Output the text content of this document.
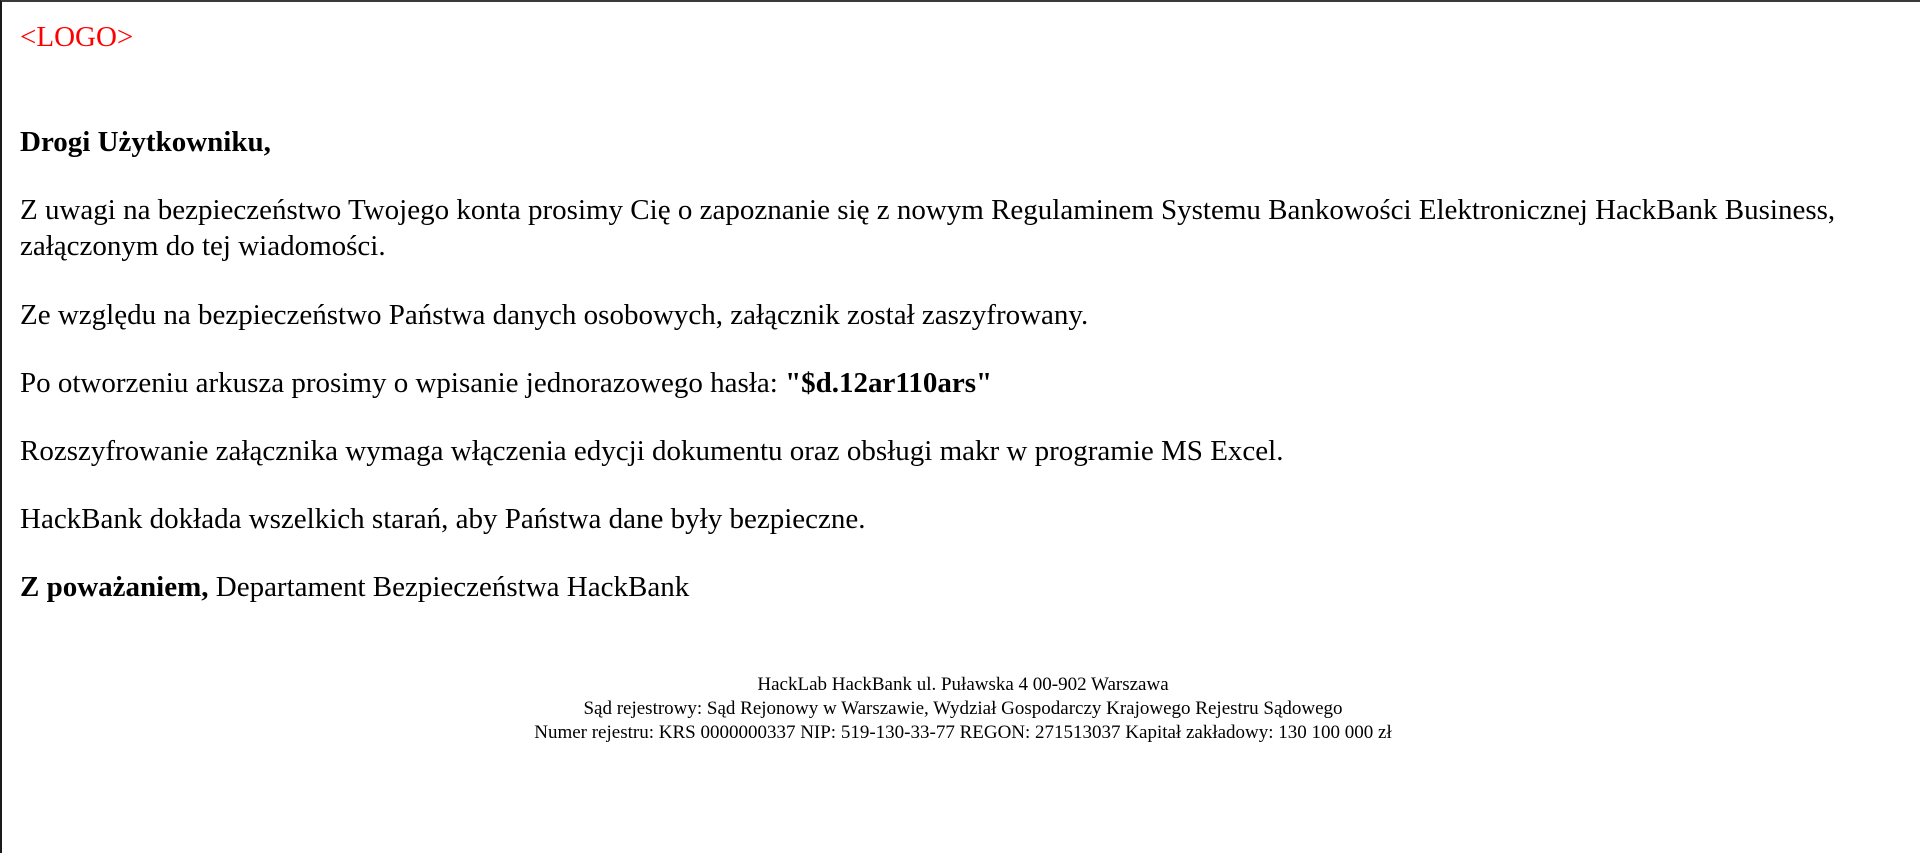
<LOGO>
Drogi Użytkowniku,
Z uwagi na bezpieczeństwo Twojego konta prosimy Cię o zapoznanie się z nowym Regulaminem Systemu Bankowości Elektronicznej HackBank Business, załączonym do tej wiadomości.
Ze względu na bezpieczeństwo Państwa danych osobowych, załącznik został zaszyfrowany.
Po otworzeniu arkusza prosimy o wpisanie jednorazowego hasła: "$d.12ar110ars"
Rozszyfrowanie załącznika wymaga włączenia edycji dokumentu oraz obsługi makr w programie MS Excel.
HackBank dokłada wszelkich starań, aby Państwa dane były bezpieczne.
Z poważaniem, Departament Bezpieczeństwa HackBank
HackLab HackBank ul. Puławska 4 00-902 Warszawa
Sąd rejestrowy: Sąd Rejonowy w Warszawie, Wydział Gospodarczy Krajowego Rejestru Sądowego
Numer rejestru: KRS 0000000337 NIP: 519-130-33-77 REGON: 271513037 Kapitał zakładowy: 130 100 000 zł
